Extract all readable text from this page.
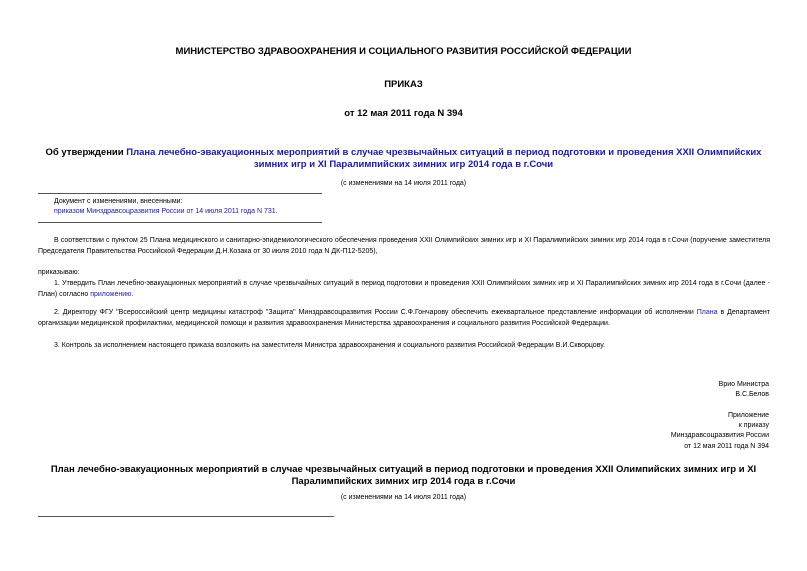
МИНИСТЕРСТВО ЗДРАВООХРАНЕНИЯ И СОЦИАЛЬНОГО РАЗВИТИЯ РОССИЙСКОЙ ФЕДЕРАЦИИ
ПРИКАЗ
от 12 мая 2011 года N 394
Об утверждении Плана лечебно-эвакуационных мероприятий в случае чрезвычайных ситуаций в период подготовки и проведения XXII Олимпийских зимних игр и XI Паралимпийских зимних игр 2014 года в г.Сочи
(с изменениями на 14 июля 2011 года)
Документ с изменениями, внесенными:
приказом Минздравсоцразвития России от 14 июля 2011 года N 731.
В соответствии с пунктом 25 Плана медицинского и санитарно-эпидемиологического обеспечения проведения XXII Олимпийских зимних игр и XI Паралимпийских зимних игр 2014 года в г.Сочи (поручение заместителя Председателя Правительства Российской Федерации Д.Н.Козака от 30 июля 2010 года N ДК-П12-5205),
приказываю:
1. Утвердить План лечебно-эвакуационных мероприятий в случае чрезвычайных ситуаций в период подготовки и проведения XXII Олимпийских зимних игр и XI Паралимпийских зимних игр 2014 года в г.Сочи (далее - План) согласно приложению.
2. Директору ФГУ "Всероссийский центр медицины катастроф "Защита" Минздравсоцразвития России С.Ф.Гончарову обеспечить ежеквартальное представление информации об исполнении Плана в Департамент организации медицинской профилактики, медицинской помощи и развития здравоохранения Министерства здравоохранения и социального развития Российской Федерации.
3. Контроль за исполнением настоящего приказа возложить на заместителя Министра здравоохранения и социального развития Российской Федерации В.И.Скворцову.
Врио Министра
В.С.Белов
Приложение
к приказу
Минздравсоцразвития России
от 12 мая 2011 года N 394
План лечебно-эвакуационных мероприятий в случае чрезвычайных ситуаций в период подготовки и проведения XXII Олимпийских зимних игр и XI Паралимпийских зимних игр 2014 года в г.Сочи
(с изменениями на 14 июля 2011 года)
